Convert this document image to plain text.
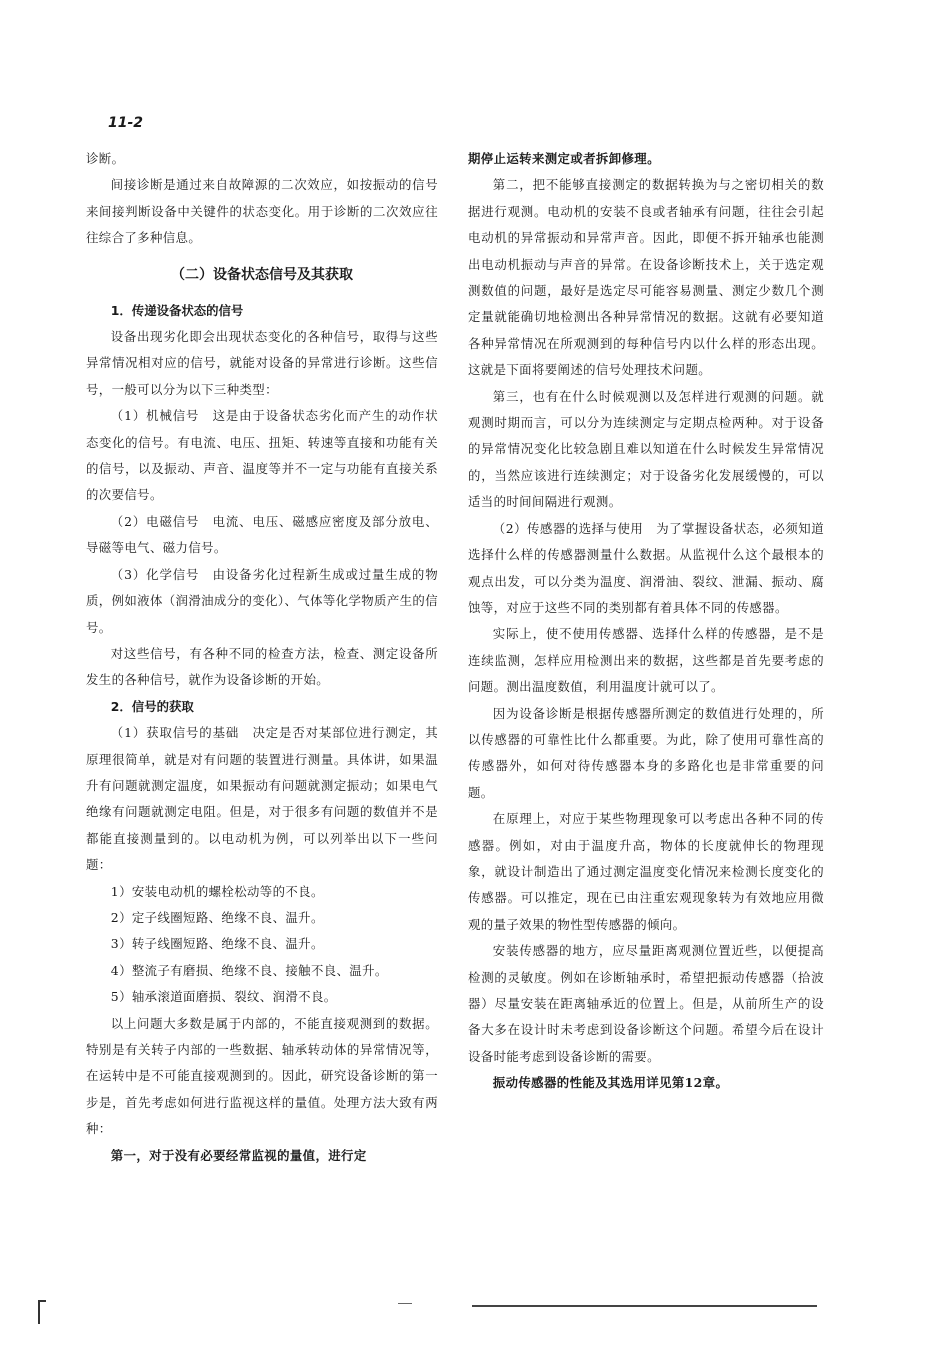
11-2

诊断。

间接诊断是通过来自故障源的二次效应，如按振动的信号来间接判断设备中关键件的状态变化。用于诊断的二次效应往往综合了多种信息。

（二）设备状态信号及其获取
1．传递设备状态的信号

设备出现劣化即会出现状态变化的各种信号，取得与这些异常情况相对应的信号，就能对设备的异常进行诊断。这些信号，一般可以分为以下三种类型：

（1）机械信号　这是由于设备状态劣化而产生的动作状态变化的信号。有电流、电压、扭矩、转速等直接和功能有关的信号，以及振动、声音、温度等并不一定与功能有直接关系的次要信号。

（2）电磁信号　电流、电压、磁感应密度及部分放电、导磁等电气、磁力信号。

（3）化学信号　由设备劣化过程新生成或过量生成的物质，例如液体（润滑油成分的变化）、气体等化学物质产生的信号。

对这些信号，有各种不同的检查方法，检查、测定设备所发生的各种信号，就作为设备诊断的开始。

2．信号的获取

（1）获取信号的基础　决定是否对某部位进行测定，其原理很简单，就是对有问题的装置进行测量。具体讲，如果温升有问题就测定温度，如果振动有问题就测定振动；如果电气绝缘有问题就测定电阻。但是，对于很多有问题的数值并不是都能直接测量到的。以电动机为例，可以列举出以下一些问题：

1）安装电动机的螺栓松动等的不良。

2）定子线圈短路、绝缘不良、温升。

3）转子线圈短路、绝缘不良、温升。

4）整流子有磨损、绝缘不良、接触不良、温升。

5）轴承滚道面磨损、裂纹、润滑不良。

以上问题大多数是属于内部的，不能直接观测到的数据。特别是有关转子内部的一些数据、轴承转动体的异常情况等，在运转中是不可能直接观测到的。因此，研究设备诊断的第一步是，首先考虑如何进行监视这样的量值。处理方法大致有两种：

第一，对于没有必要经常监视的量值，进行定

期停止运转来测定或者拆卸修理。

第二，把不能够直接测定的数据转换为与之密切相关的数据进行观测。电动机的安装不良或者轴承有问题，往往会引起电动机的异常振动和异常声音。因此，即便不拆开轴承也能测出电动机振动与声音的异常。在设备诊断技术上，关于选定观测数值的问题，最好是选定尽可能容易测量、测定少数几个测定量就能确切地检测出各种异常情况的数据。这就有必要知道各种异常情况在所观测到的每种信号内以什么样的形态出现。这就是下面将要阐述的信号处理技术问题。

第三，也有在什么时候观测以及怎样进行观测的问题。就观测时期而言，可以分为连续测定与定期点检两种。对于设备的异常情况变化比较急剧且难以知道在什么时候发生异常情况的，当然应该进行连续测定；对于设备劣化发展缓慢的，可以适当的时间间隔进行观测。

（2）传感器的选择与使用　为了掌握设备状态，必须知道选择什么样的传感器测量什么数据。从监视什么这个最根本的观点出发，可以分类为温度、润滑油、裂纹、泄漏、振动、腐蚀等，对应于这些不同的类别都有着具体不同的传感器。

实际上，使不使用传感器、选择什么样的传感器，是不是连续监测，怎样应用检测出来的数据，这些都是首先要考虑的问题。测出温度数值，利用温度计就可以了。

因为设备诊断是根据传感器所测定的数值进行处理的，所以传感器的可靠性比什么都重要。为此，除了使用可靠性高的传感器外，如何对待传感器本身的多路化也是非常重要的问题。

在原理上，对应于某些物理现象可以考虑出各种不同的传感器。例如，对由于温度升高，物体的长度就伸长的物理现象，就设计制造出了通过测定温度变化情况来检测长度变化的传感器。可以推定，现在已由注重宏观现象转为有效地应用微观的量子效果的物性型传感器的倾向。

安装传感器的地方，应尽量距离观测位置近些，以便提高检测的灵敏度。例如在诊断轴承时，希望把振动传感器（拾波器）尽量安装在距离轴承近的位置上。但是，从前所生产的设备大多在设计时未考虑到设备诊断这个问题。希望今后在设计设备时能考虑到设备诊断的需要。

振动传感器的性能及其选用详见第12章。
